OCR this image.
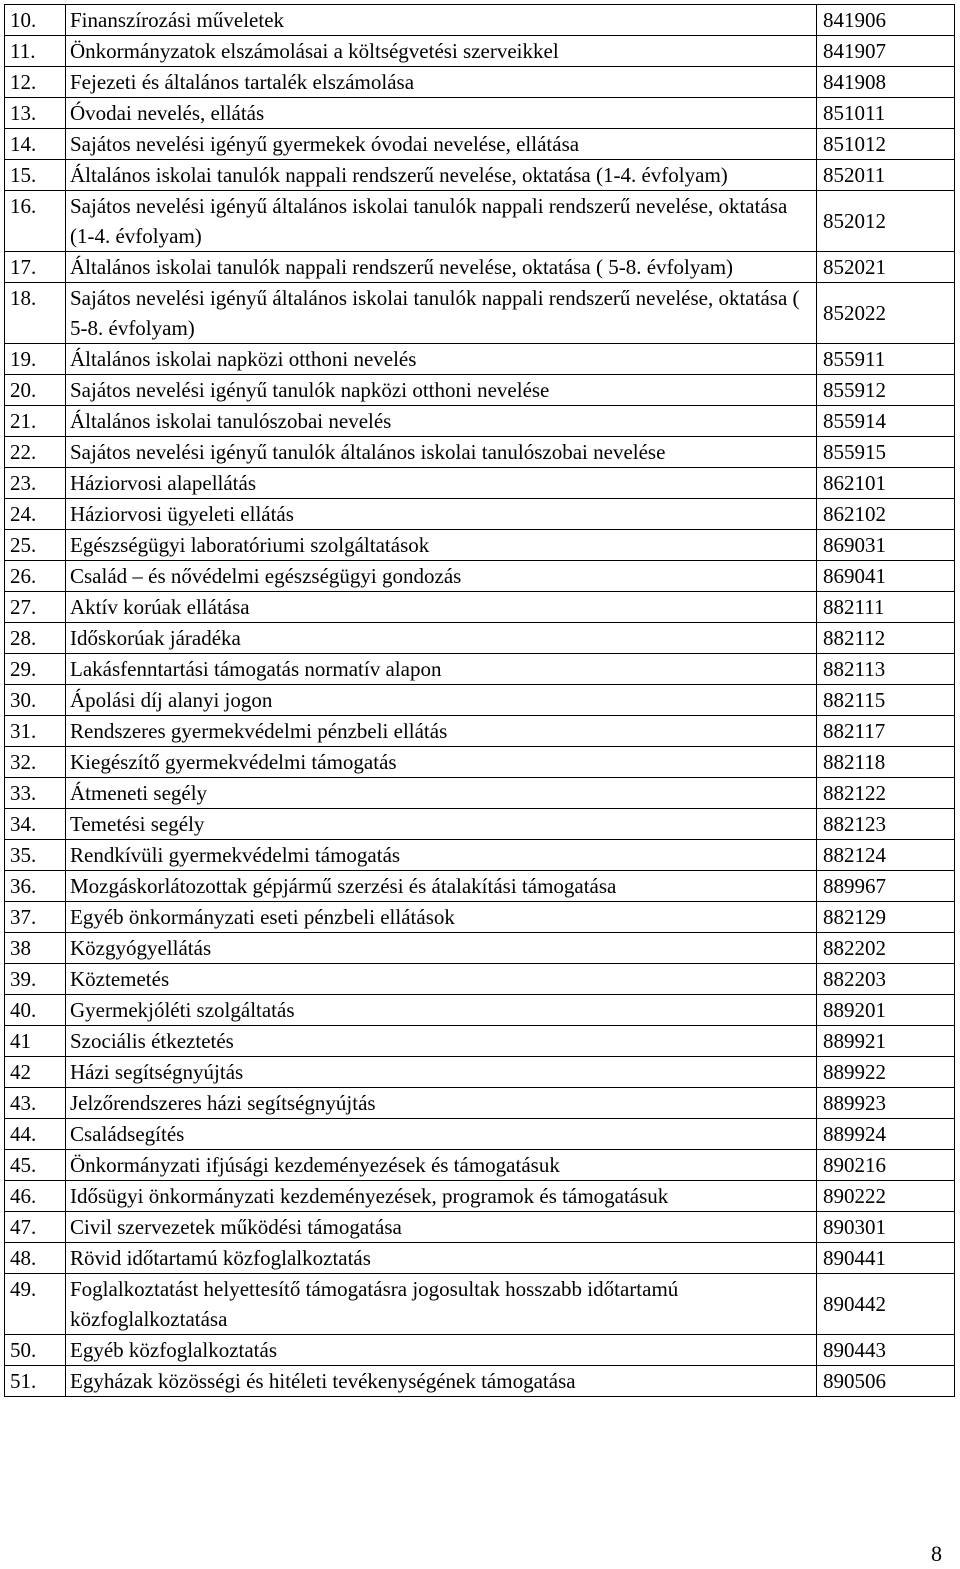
10.	Finanszírozási műveletek	841906
11.	Önkormányzatok elszámolásai a költségvetési szerveikkel	841907
12.	Fejezeti és általános tartalék elszámolása	841908
13.	Óvodai nevelés, ellátás	851011
14.	Sajátos nevelési igényű gyermekek óvodai nevelése, ellátása	851012
15.	Általános iskolai tanulók nappali rendszerű nevelése, oktatása (1-4. évfolyam)	852011
16.	Sajátos nevelési igényű általános iskolai tanulók nappali rendszerű nevelése, oktatása (1-4. évfolyam)	852012
17.	Általános iskolai tanulók nappali rendszerű nevelése, oktatása ( 5-8. évfolyam)	852021
18.	Sajátos nevelési igényű általános iskolai tanulók nappali rendszerű nevelése, oktatása ( 5-8. évfolyam)	852022
19.	Általános iskolai napközi otthoni nevelés	855911
20.	Sajátos nevelési igényű tanulók napközi otthoni nevelése	855912
21.	Általános iskolai tanulószobai nevelés	855914
22.	Sajátos nevelési igényű tanulók általános iskolai tanulószobai nevelése	855915
23.	Háziorvosi alapellátás	862101
24.	Háziorvosi ügyeleti ellátás	862102
25.	Egészségügyi laboratóriumi szolgáltatások	869031
26.	Család – és nővédelmi egészségügyi gondozás	869041
27.	Aktív korúak ellátása	882111
28.	Időskorúak járadéka	882112
29.	Lakásfenntartási támogatás normatív alapon	882113
30.	Ápolási díj alanyi jogon	882115
31.	Rendszeres gyermekvédelmi pénzbeli ellátás	882117
32.	Kiegészítő gyermekvédelmi támogatás	882118
33.	Átmeneti segély	882122
34.	Temetési segély	882123
35.	Rendkívüli gyermekvédelmi támogatás	882124
36.	Mozgáskorlátozottak gépjármű szerzési és átalakítási támogatása	889967
37.	Egyéb önkormányzati eseti pénzbeli ellátások	882129
38	Közgyógyellátás	882202
39.	Köztemetés	882203
40.	Gyermekjóléti szolgáltatás	889201
41	Szociális étkeztetés	889921
42	Házi segítségnyújtás	889922
43.	Jelzőrendszeres házi segítségnyújtás	889923
44.	Családsegítés	889924
45.	Önkormányzati ifjúsági kezdeményezések és támogatásuk	890216
46.	Idősügyi önkormányzati kezdeményezések, programok és támogatásuk	890222
47.	Civil szervezetek működési támogatása	890301
48.	Rövid időtartamú közfoglalkoztatás	890441
49.	Foglalkoztatást helyettesítő támogatásra jogosultak hosszabb időtartamú közfoglalkoztatása	890442
50.	Egyéb közfoglalkoztatás	890443
51.	Egyházak közösségi és hitéleti tevékenységének támogatása	890506
8
